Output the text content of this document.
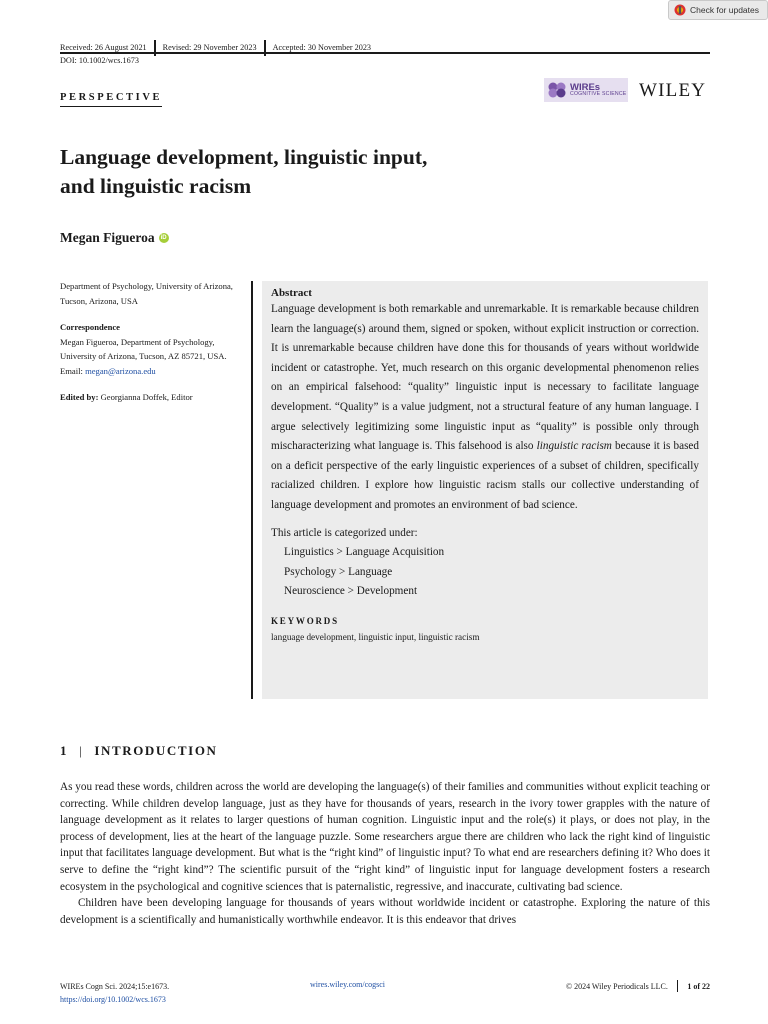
Check for updates
Received: 26 August 2021	Revised: 29 November 2023	Accepted: 30 November 2023
DOI: 10.1002/wcs.1673
PERSPECTIVE
WIREs
COGNITIVE SCIENCE WILEY
Language development, linguistic input,
and linguistic racism
Megan Figueroa	iD
Department of Psychology, University of Arizona, Tucson, Arizona, USA
Correspondence
Megan Figueroa, Department of Psychology, University of Arizona, Tucson, AZ 85721, USA.
Email: megan@arizona.edu
Edited by: Georgianna Doffek, Editor
Abstract
Language development is both remarkable and unremarkable. It is remarkable because children learn the language(s) around them, signed or spoken, without explicit instruction or correction. It is unremarkable because children have done this for thousands of years without worldwide incident or catastrophe. Yet, much research on this organic developmental phenomenon relies on an empirical falsehood: “quality” linguistic input is necessary to facilitate language development. “Quality” is a value judgment, not a structural feature of any human language. I argue selectively legitimizing some linguistic input as “quality” is possible only through mischaracterizing what language is. This falsehood is also linguistic racism because it is based on a deficit perspective of the early linguistic experiences of a subset of children, specifically racialized children. I explore how linguistic racism stalls our collective understanding of language development and promotes an environment of bad science.
This article is categorized under:
Linguistics > Language Acquisition
Psychology > Language
Neuroscience > Development
KEYWORDS
language development, linguistic input, linguistic racism
1 | INTRODUCTION

As you read these words, children across the world are developing the language(s) of their families and communities without explicit teaching or correcting. While children develop language, just as they have for thousands of years, research in the ivory tower grapples with the nature of language development as it relates to larger questions of human cognition. Linguistic input and the role(s) it plays, or does not play, in the process of development, lies at the heart of the language puzzle. Some researchers argue there are children who lack the right kind of linguistic input that facilitates language development. But what is the “right kind” of linguistic input? To what end are researchers defining it? Who does it serve to define the “right kind”? The scientific pursuit of the “right kind” of linguistic input for language development fosters a research ecosystem in the psychological and cognitive sciences that is paternalistic, regressive, and inaccurate, cultivating bad science.

Children have been developing language for thousands of years without worldwide incident or catastrophe. Exploring the nature of this development is a scientifically and humanistically worthwhile endeavor. It is this endeavor that drives

WIREs Cogn Sci. 2024;15:e1673.
https://doi.org/10.1002/wcs.1673
wires.wiley.com/cogsci	© 2024 Wiley Periodicals LLC. 1 of 22
